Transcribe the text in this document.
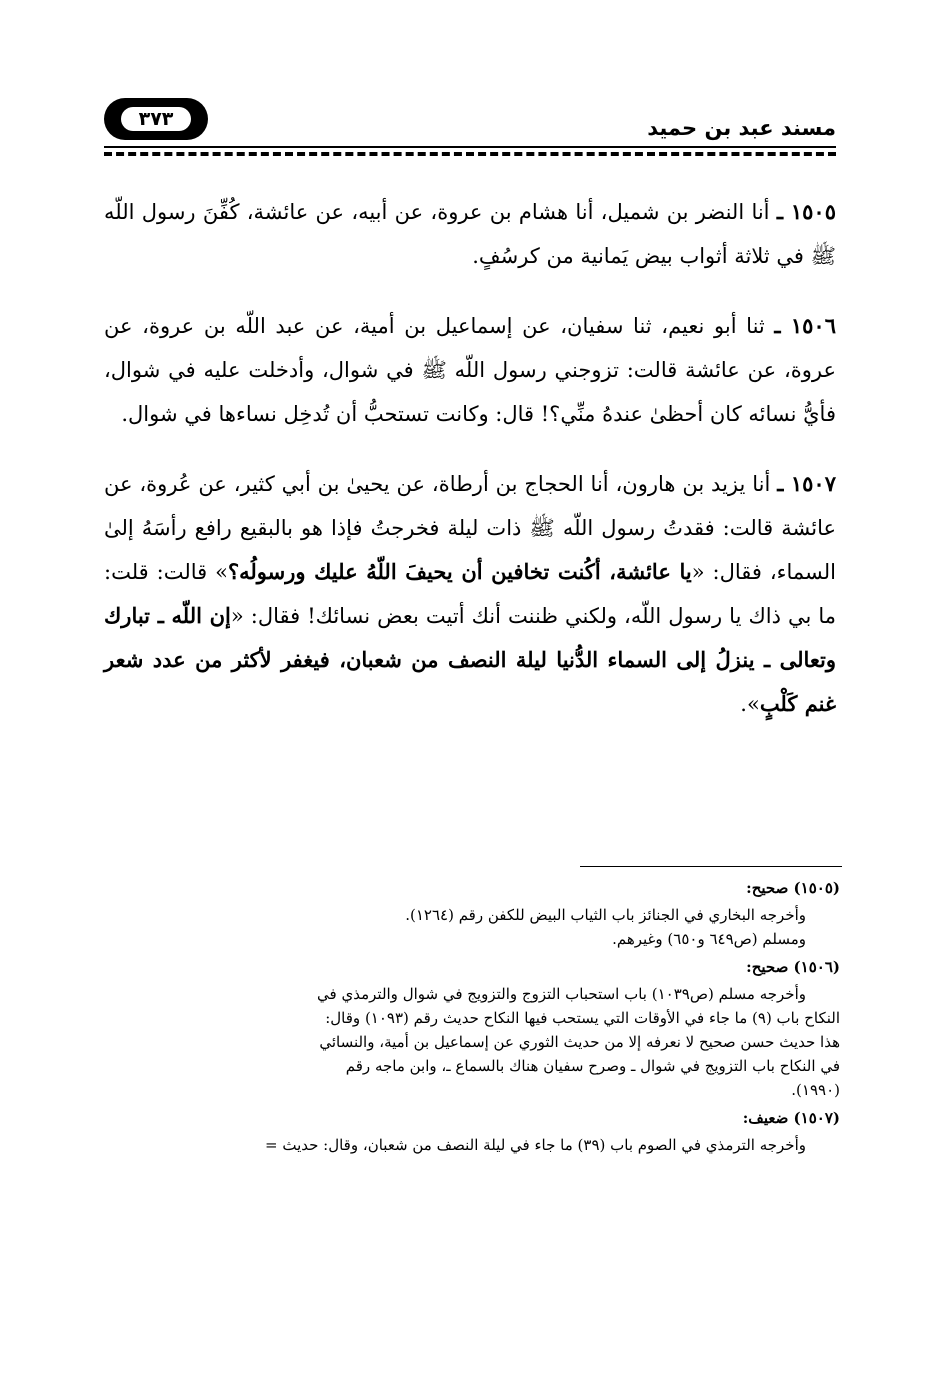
مسند عبد بن حميد
٣٧٣

١٥٠٥ ـ أنا النضر بن شميل، أنا هشام بن عروة، عن أبيه، عن عائشة، كُفِّنَ رسول اللّه ﷺ في ثلاثة أثواب بيض يَمانية من كرسُفٍ.

١٥٠٦ ـ ثنا أبو نعيم، ثنا سفيان، عن إسماعيل بن أمية، عن عبد اللّه بن عروة، عن عروة، عن عائشة قالت: تزوجني رسول اللّه ﷺ في شوال، وأدخلت عليه في شوال، فأيُّ نسائه كان أحظىٰ عندهُ منِّي؟! قال: وكانت تستحبُّ أن تُدخِل نساءها في شوال.

١٥٠٧ ـ أنا يزيد بن هارون، أنا الحجاج بن أرطاة، عن يحيىٰ بن أبي كثير، عن عُروة، عن عائشة قالت: فقدتُ رسول اللّه ﷺ ذات ليلة فخرجتُ فإذا هو بالبقيع رافع رأسَهُ إلىٰ السماء، فقال: «يا عائشة، أكُنت تخافين أن يحيفَ اللّهُ عليك ورسولُه؟» قالت: قلت: ما بي ذاك يا رسول اللّه، ولكني ظننت أنك أتيت بعض نسائك! فقال: «إن اللّه ـ تبارك وتعالى ـ ينزلُ إلى السماء الدُّنيا ليلة النصف من شعبان، فيغفر لأكثر من عدد شعر غنم كَلْبٍ».

(١٥٠٥) صحيح:
وأخرجه البخاري في الجنائز باب الثياب البيض للكفن رقم (١٢٦٤).
ومسلم (ص٦٤٩ و٦٥٠) وغيرهم.
(١٥٠٦) صحيح:
وأخرجه مسلم (ص١٠٣٩) باب استحباب التزوج والتزويج في شوال والترمذي في
النكاح باب (٩) ما جاء في الأوقات التي يستحب فيها النكاح حديث رقم (١٠٩٣) وقال:
هذا حديث حسن صحيح لا نعرفه إلا من حديث الثوري عن إسماعيل بن أمية، والنسائي
في النكاح باب التزويج في شوال ـ وصرح سفيان هناك بالسماع ـ، وابن ماجه رقم
(١٩٩٠).
(١٥٠٧) ضعيف:
وأخرجه الترمذي في الصوم باب (٣٩) ما جاء في ليلة النصف من شعبان، وقال: حديث =
